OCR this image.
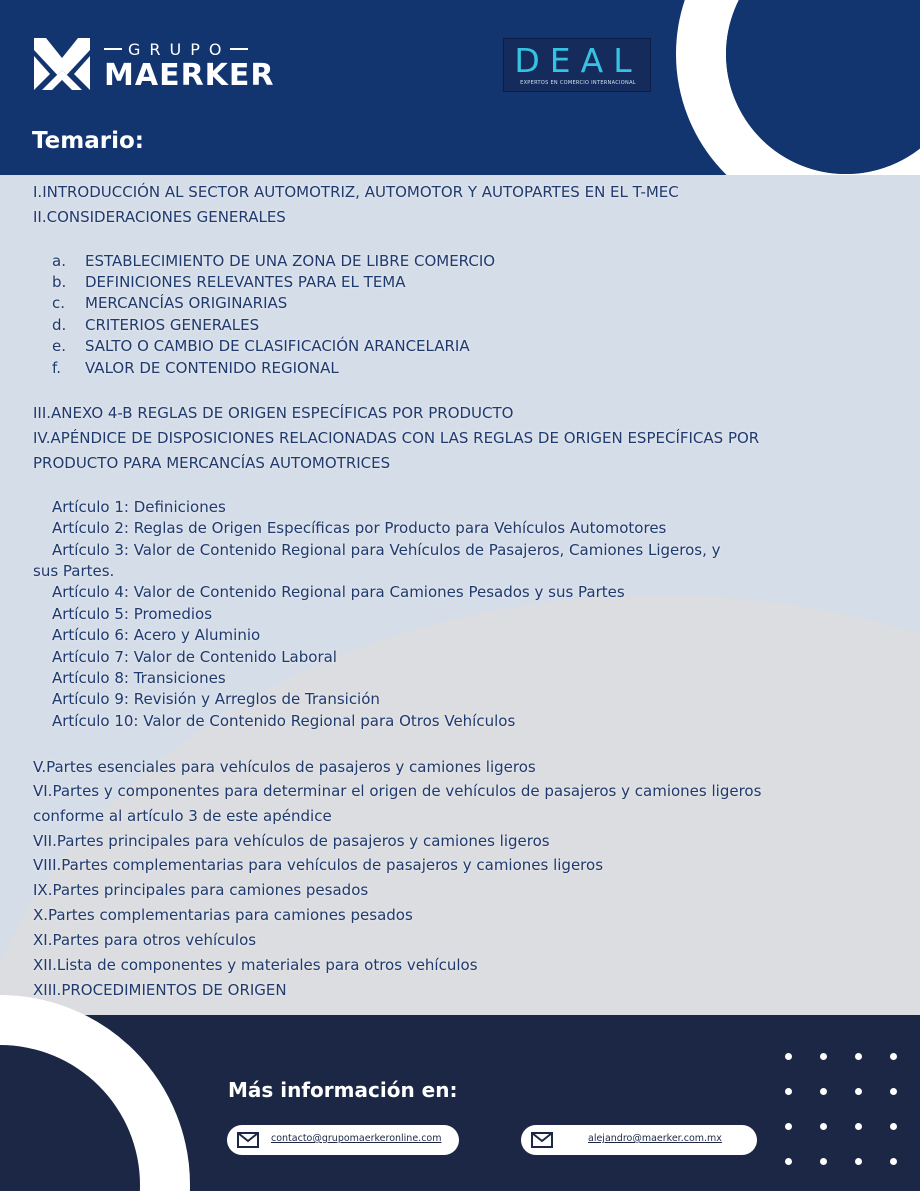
GRUPO
MAERKER	DEAL
EXPERTOS EN COMERCIO INTERNACIONAL
Temario:
I.INTRODUCCIÓN AL SECTOR AUTOMOTRIZ, AUTOMOTOR Y AUTOPARTES EN EL T-MEC
II.CONSIDERACIONES GENERALES
a. ESTABLECIMIENTO DE UNA ZONA DE LIBRE COMERCIO
b. DEFINICIONES RELEVANTES PARA EL TEMA
c. MERCANCÍAS ORIGINARIAS
d. CRITERIOS GENERALES
e. SALTO O CAMBIO DE CLASIFICACIÓN ARANCELARIA
f. VALOR DE CONTENIDO REGIONAL
III.ANEXO 4-B REGLAS DE ORIGEN ESPECÍFICAS POR PRODUCTO
IV.APÉNDICE DE DISPOSICIONES RELACIONADAS CON LAS REGLAS DE ORIGEN ESPECÍFICAS POR
PRODUCTO PARA MERCANCÍAS AUTOMOTRICES
Artículo 1: Definiciones
Artículo 2: Reglas de Origen Específicas por Producto para Vehículos Automotores
Artículo 3: Valor de Contenido Regional para Vehículos de Pasajeros, Camiones Ligeros, y
sus Partes.
Artículo 4: Valor de Contenido Regional para Camiones Pesados y sus Partes
Artículo 5: Promedios
Artículo 6: Acero y Aluminio
Artículo 7: Valor de Contenido Laboral
Artículo 8: Transiciones
Artículo 9: Revisión y Arreglos de Transición
Artículo 10: Valor de Contenido Regional para Otros Vehículos
V.Partes esenciales para vehículos de pasajeros y camiones ligeros
VI.Partes y componentes para determinar el origen de vehículos de pasajeros y camiones ligeros
conforme al artículo 3 de este apéndice
VII.Partes principales para vehículos de pasajeros y camiones ligeros
VIII.Partes complementarias para vehículos de pasajeros y camiones ligeros
IX.Partes principales para camiones pesados
X.Partes complementarias para camiones pesados
XI.Partes para otros vehículos
XII.Lista de componentes y materiales para otros vehículos
XIII.PROCEDIMIENTOS DE ORIGEN
Más información en:
contacto@grupomaerkeronline.com	alejandro@maerker.com.mx
